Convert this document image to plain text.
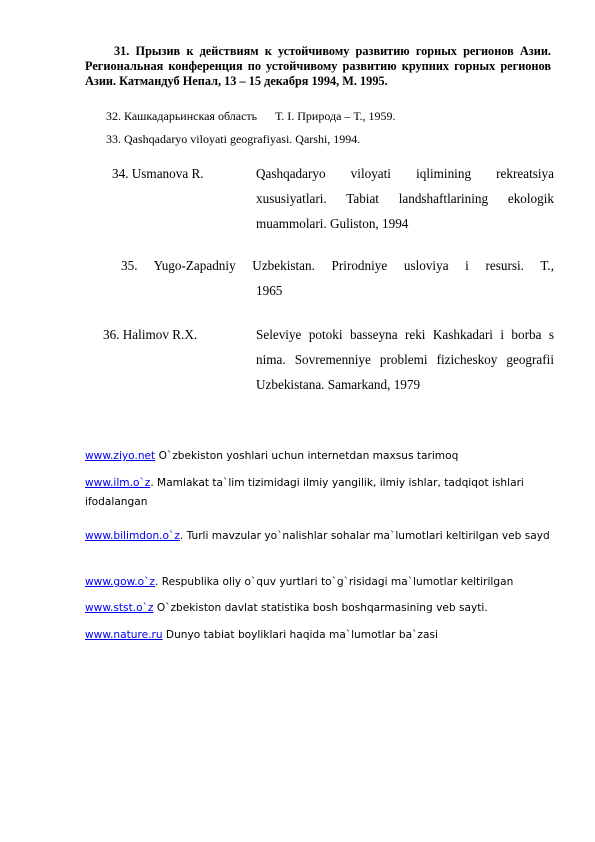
31. Прызив к действиям к устойчивому развитию горных регионов Азии. Региональная конференция по устойчивому развитию крупних горных регионов Азии. Катмандуб Непал, 13 – 15 декабря 1994, М. 1995.
32. Кашкадарьинская область Т. І. Природа – Т., 1959.
33. Qashqadaryo viloyati geografiyasi. Qarshi, 1994.
34. Usmanova R.	Qashqadaryo viloyati iqlimining rekreatsiya xususiyatlari. Tabiat landshaftlarining ekologik muammolari. Guliston, 1994
35. Yugo-Zapadniy Uzbekistan. Prirodniye usloviya i resursi. T.,
1965
36. Halimov R.X.	Seleviye potoki basseyna reki Kashkadari i borba s nima. Sovremenniye problemi fizicheskoy geografii Uzbekistana. Samarkand, 1979
www.ziyo.net O`zbekiston yoshlari uchun internetdan maxsus tarimoq
www.ilm.o`z. Mamlakat ta`lim tizimidagi ilmiy yangilik, ilmiy ishlar, tadqiqot ishlari ifodalangan
www.bilimdon.o`z. Turli mavzular yo`nalishlar sohalar ma`lumotlari keltirilgan veb sayd
www.gow.o`z. Respublika oliy o`quv yurtlari to`g`risidagi ma`lumotlar keltirilgan
www.stst.o`z O`zbekiston davlat statistika bosh boshqarmasining veb sayti.
www.nature.ru Dunyo tabiat boyliklari haqida ma`lumotlar ba`zasi
